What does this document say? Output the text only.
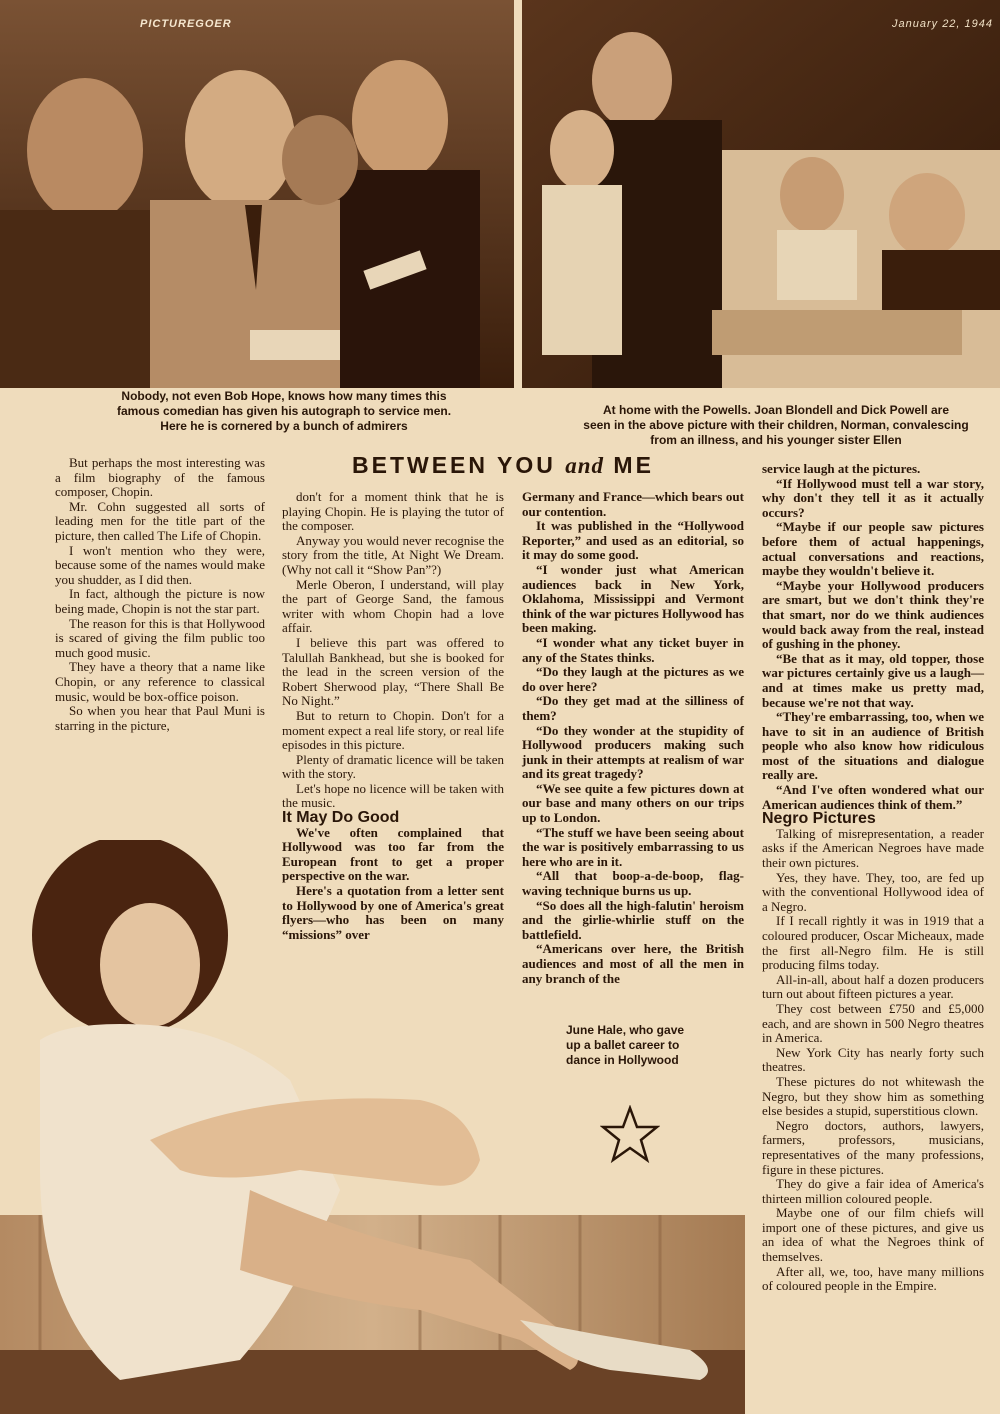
PICTUREGOER	January 22, 1944
Nobody, not even Bob Hope, knows how many times this
famous comedian has given his autograph to service men.
Here he is cornered by a bunch of admirers
At home with the Powells. Joan Blondell and Dick Powell are
seen in the above picture with their children, Norman, convalescing
from an illness, and his younger sister Ellen
BETWEEN YOU and ME

But perhaps the most interesting was a film biography of the famous composer, Chopin.

Mr. Cohn suggested all sorts of leading men for the title part of the picture, then called The Life of Chopin.

I won't mention who they were, because some of the names would make you shudder, as I did then.

In fact, although the picture is now being made, Chopin is not the star part.

The reason for this is that Hollywood is scared of giving the film public too much good music.

They have a theory that a name like Chopin, or any reference to classical music, would be box-office poison.

So when you hear that Paul Muni is starring in the picture,

don't for a moment think that he is playing Chopin. He is playing the tutor of the composer.

Anyway you would never recognise the story from the title, At Night We Dream. (Why not call it “Show Pan”?)

Merle Oberon, I understand, will play the part of George Sand, the famous writer with whom Chopin had a love affair.

I believe this part was offered to Talullah Bankhead, but she is booked for the lead in the screen version of the Robert Sherwood play, “There Shall Be No Night.”

But to return to Chopin. Don't for a moment expect a real life story, or real life episodes in this picture.

Plenty of dramatic licence will be taken with the story.

Let's hope no licence will be taken with the music.

It May Do Good

We've often complained that Hollywood was too far from the European front to get a proper perspective on the war.

Here's a quotation from a letter sent to Hollywood by one of America's great flyers—who has been on many “missions” over

Germany and France—which bears out our contention.

It was published in the “Hollywood Reporter,” and used as an editorial, so it may do some good.

“I wonder just what American audiences back in New York, Oklahoma, Mississippi and Vermont think of the war pictures Hollywood has been making.

“I wonder what any ticket buyer in any of the States thinks.

“Do they laugh at the pictures as we do over here?

“Do they get mad at the silliness of them?

“Do they wonder at the stupidity of Hollywood producers making such junk in their attempts at realism of war and its great tragedy?

“We see quite a few pictures down at our base and many others on our trips up to London.

“The stuff we have been seeing about the war is positively embarrassing to us here who are in it.

“All that boop-a-de-boop, flag-waving technique burns us up.

“So does all the high-falutin' heroism and the girlie-whirlie stuff on the battlefield.

“Americans over here, the British audiences and most of all the men in any branch of the

service laugh at the pictures.

“If Hollywood must tell a war story, why don't they tell it as it actually occurs?

“Maybe if our people saw pictures before them of actual happenings, actual conversations and reactions, maybe they wouldn't believe it.

“Maybe your Hollywood producers are smart, but we don't think they're that smart, nor do we think audiences would back away from the real, instead of gushing in the phoney.

“Be that as it may, old topper, those war pictures certainly give us a laugh—and at times make us pretty mad, because we're not that way.

“They're embarrassing, too, when we have to sit in an audience of British people who also know how ridiculous most of the situations and dialogue really are.

“And I've often wondered what our American audiences think of them.”

Negro Pictures

Talking of misrepresentation, a reader asks if the American Negroes have made their own pictures.

Yes, they have. They, too, are fed up with the conventional Hollywood idea of a Negro.

If I recall rightly it was in 1919 that a coloured producer, Oscar Micheaux, made the first all-Negro film. He is still producing films today.

All-in-all, about half a dozen producers turn out about fifteen pictures a year.

They cost between £750 and £5,000 each, and are shown in 500 Negro theatres in America.

New York City has nearly forty such theatres.

These pictures do not whitewash the Negro, but they show him as something else besides a stupid, superstitious clown.

Negro doctors, authors, lawyers, farmers, professors, musicians, representatives of the many professions, figure in these pictures.

They do give a fair idea of America's thirteen million coloured people.

Maybe one of our film chiefs will import one of these pictures, and give us an idea of what the Negroes think of themselves.

After all, we, too, have many millions of coloured people in the Empire.

June Hale, who gave
up a ballet career to
dance in Hollywood
